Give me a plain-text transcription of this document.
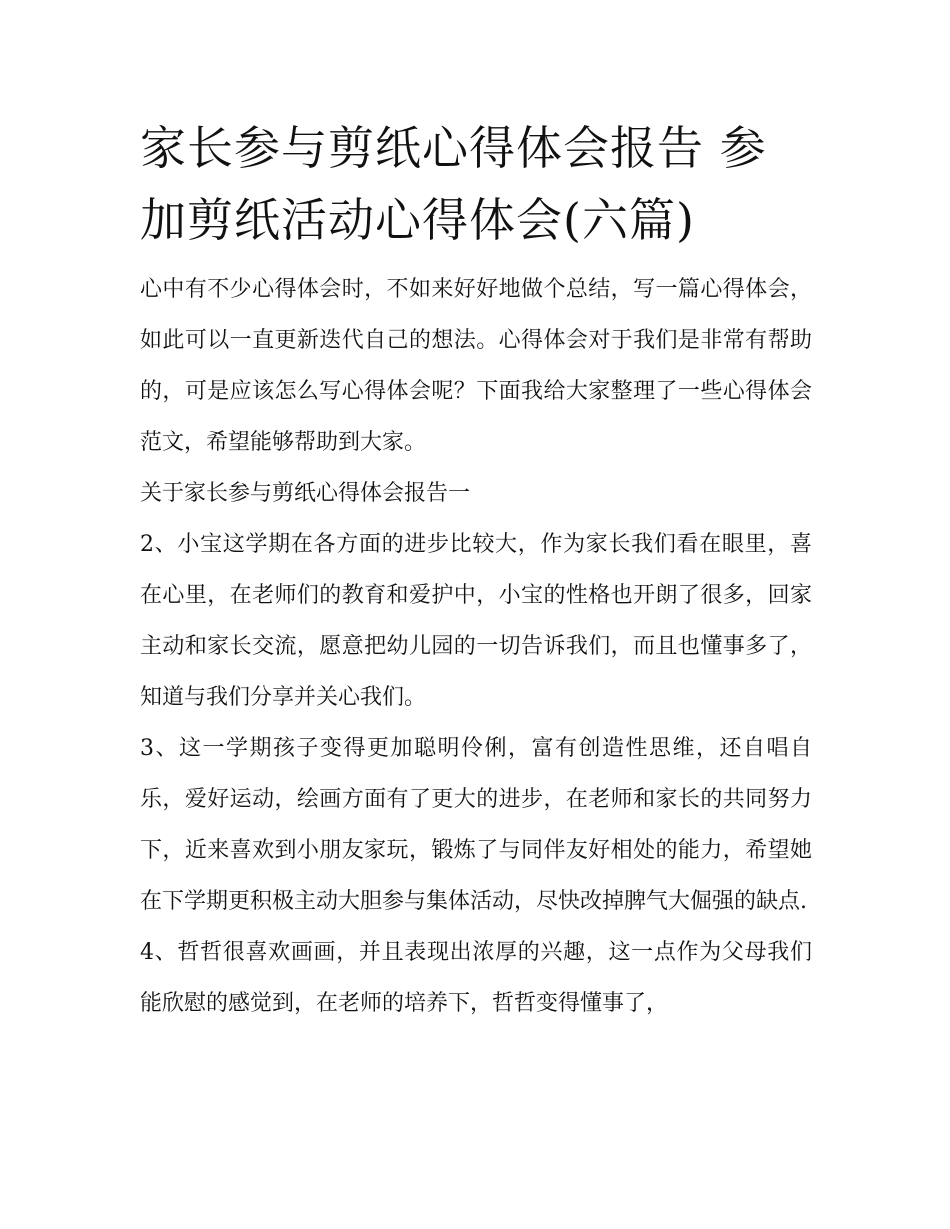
家长参与剪纸心得体会报告 参加剪纸活动心得体会(六篇)

心中有不少心得体会时，不如来好好地做个总结，写一篇心得体会，如此可以一直更新迭代自己的想法。心得体会对于我们是非常有帮助的，可是应该怎么写心得体会呢？下面我给大家整理了一些心得体会范文，希望能够帮助到大家。

关于家长参与剪纸心得体会报告一

2、小宝这学期在各方面的进步比较大，作为家长我们看在眼里，喜在心里，在老师们的教育和爱护中，小宝的性格也开朗了很多，回家主动和家长交流，愿意把幼儿园的一切告诉我们，而且也懂事多了，知道与我们分享并关心我们。

3、这一学期孩子变得更加聪明伶俐，富有创造性思维，还自唱自乐，爱好运动，绘画方面有了更大的进步，在老师和家长的共同努力下，近来喜欢到小朋友家玩，锻炼了与同伴友好相处的能力，希望她在下学期更积极主动大胆参与集体活动，尽快改掉脾气大倔强的缺点.

4、哲哲很喜欢画画，并且表现出浓厚的兴趣，这一点作为父母我们能欣慰的感觉到，在老师的培养下，哲哲变得懂事了，
